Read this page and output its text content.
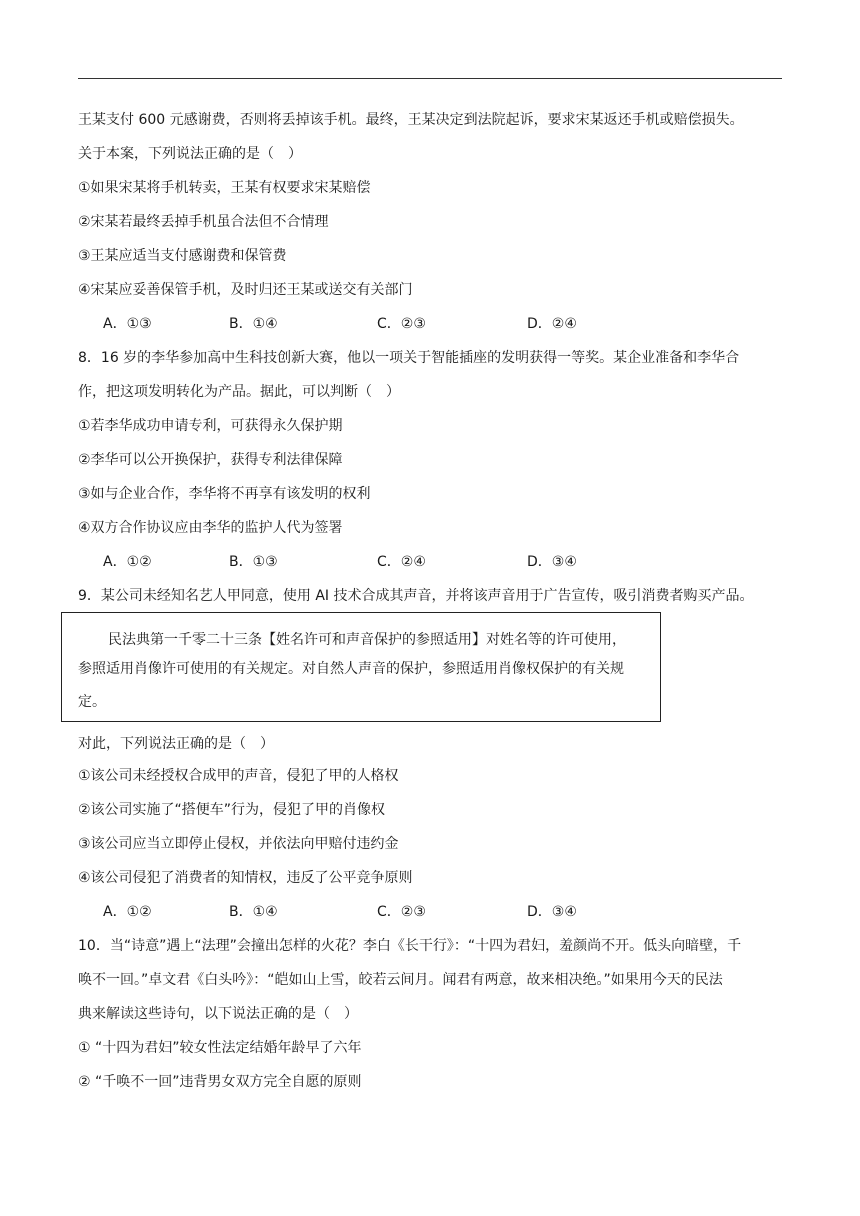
王某支付 600 元感谢费，否则将丢掉该手机。最终，王某决定到法院起诉，要求宋某返还手机或赔偿损失。
关于本案，下列说法正确的是（　）
①如果宋某将手机转卖，王某有权要求宋某赔偿
②宋某若最终丢掉手机虽合法但不合情理
③王某应适当支付感谢费和保管费
④宋某应妥善保管手机，及时归还王某或送交有关部门
A．①③	B．①④	C．②③	D．②④
8．16 岁的李华参加高中生科技创新大赛，他以一项关于智能插座的发明获得一等奖。某企业准备和李华合
作，把这项发明转化为产品。据此，可以判断（　）
①若李华成功申请专利，可获得永久保护期
②李华可以公开换保护，获得专利法律保障
③如与企业合作，李华将不再享有该发明的权利
④双方合作协议应由李华的监护人代为签署
A．①②	B．①③	C．②④	D．③④
9．某公司未经知名艺人甲同意，使用 AI 技术合成其声音，并将该声音用于广告宣传，吸引消费者购买产品。
民法典第一千零二十三条【姓名许可和声音保护的参照适用】对姓名等的许可使用，
参照适用肖像许可使用的有关规定。对自然人声音的保护，参照适用肖像权保护的有关规
定。
对此，下列说法正确的是（　）
①该公司未经授权合成甲的声音，侵犯了甲的人格权
②该公司实施了“搭便车”行为，侵犯了甲的肖像权
③该公司应当立即停止侵权，并依法向甲赔付违约金
④该公司侵犯了消费者的知情权，违反了公平竞争原则
A．①②	B．①④	C．②③	D．③④
10．当“诗意”遇上“法理”会撞出怎样的火花？李白《长干行》：“十四为君妇，羞颜尚不开。低头向暗壁，千
唤不一回。”卓文君《白头吟》：“皑如山上雪，皎若云间月。闻君有两意，故来相决绝。”如果用今天的民法
典来解读这些诗句，以下说法正确的是（　）
① “十四为君妇”较女性法定结婚年龄早了六年
② “千唤不一回”违背男女双方完全自愿的原则
